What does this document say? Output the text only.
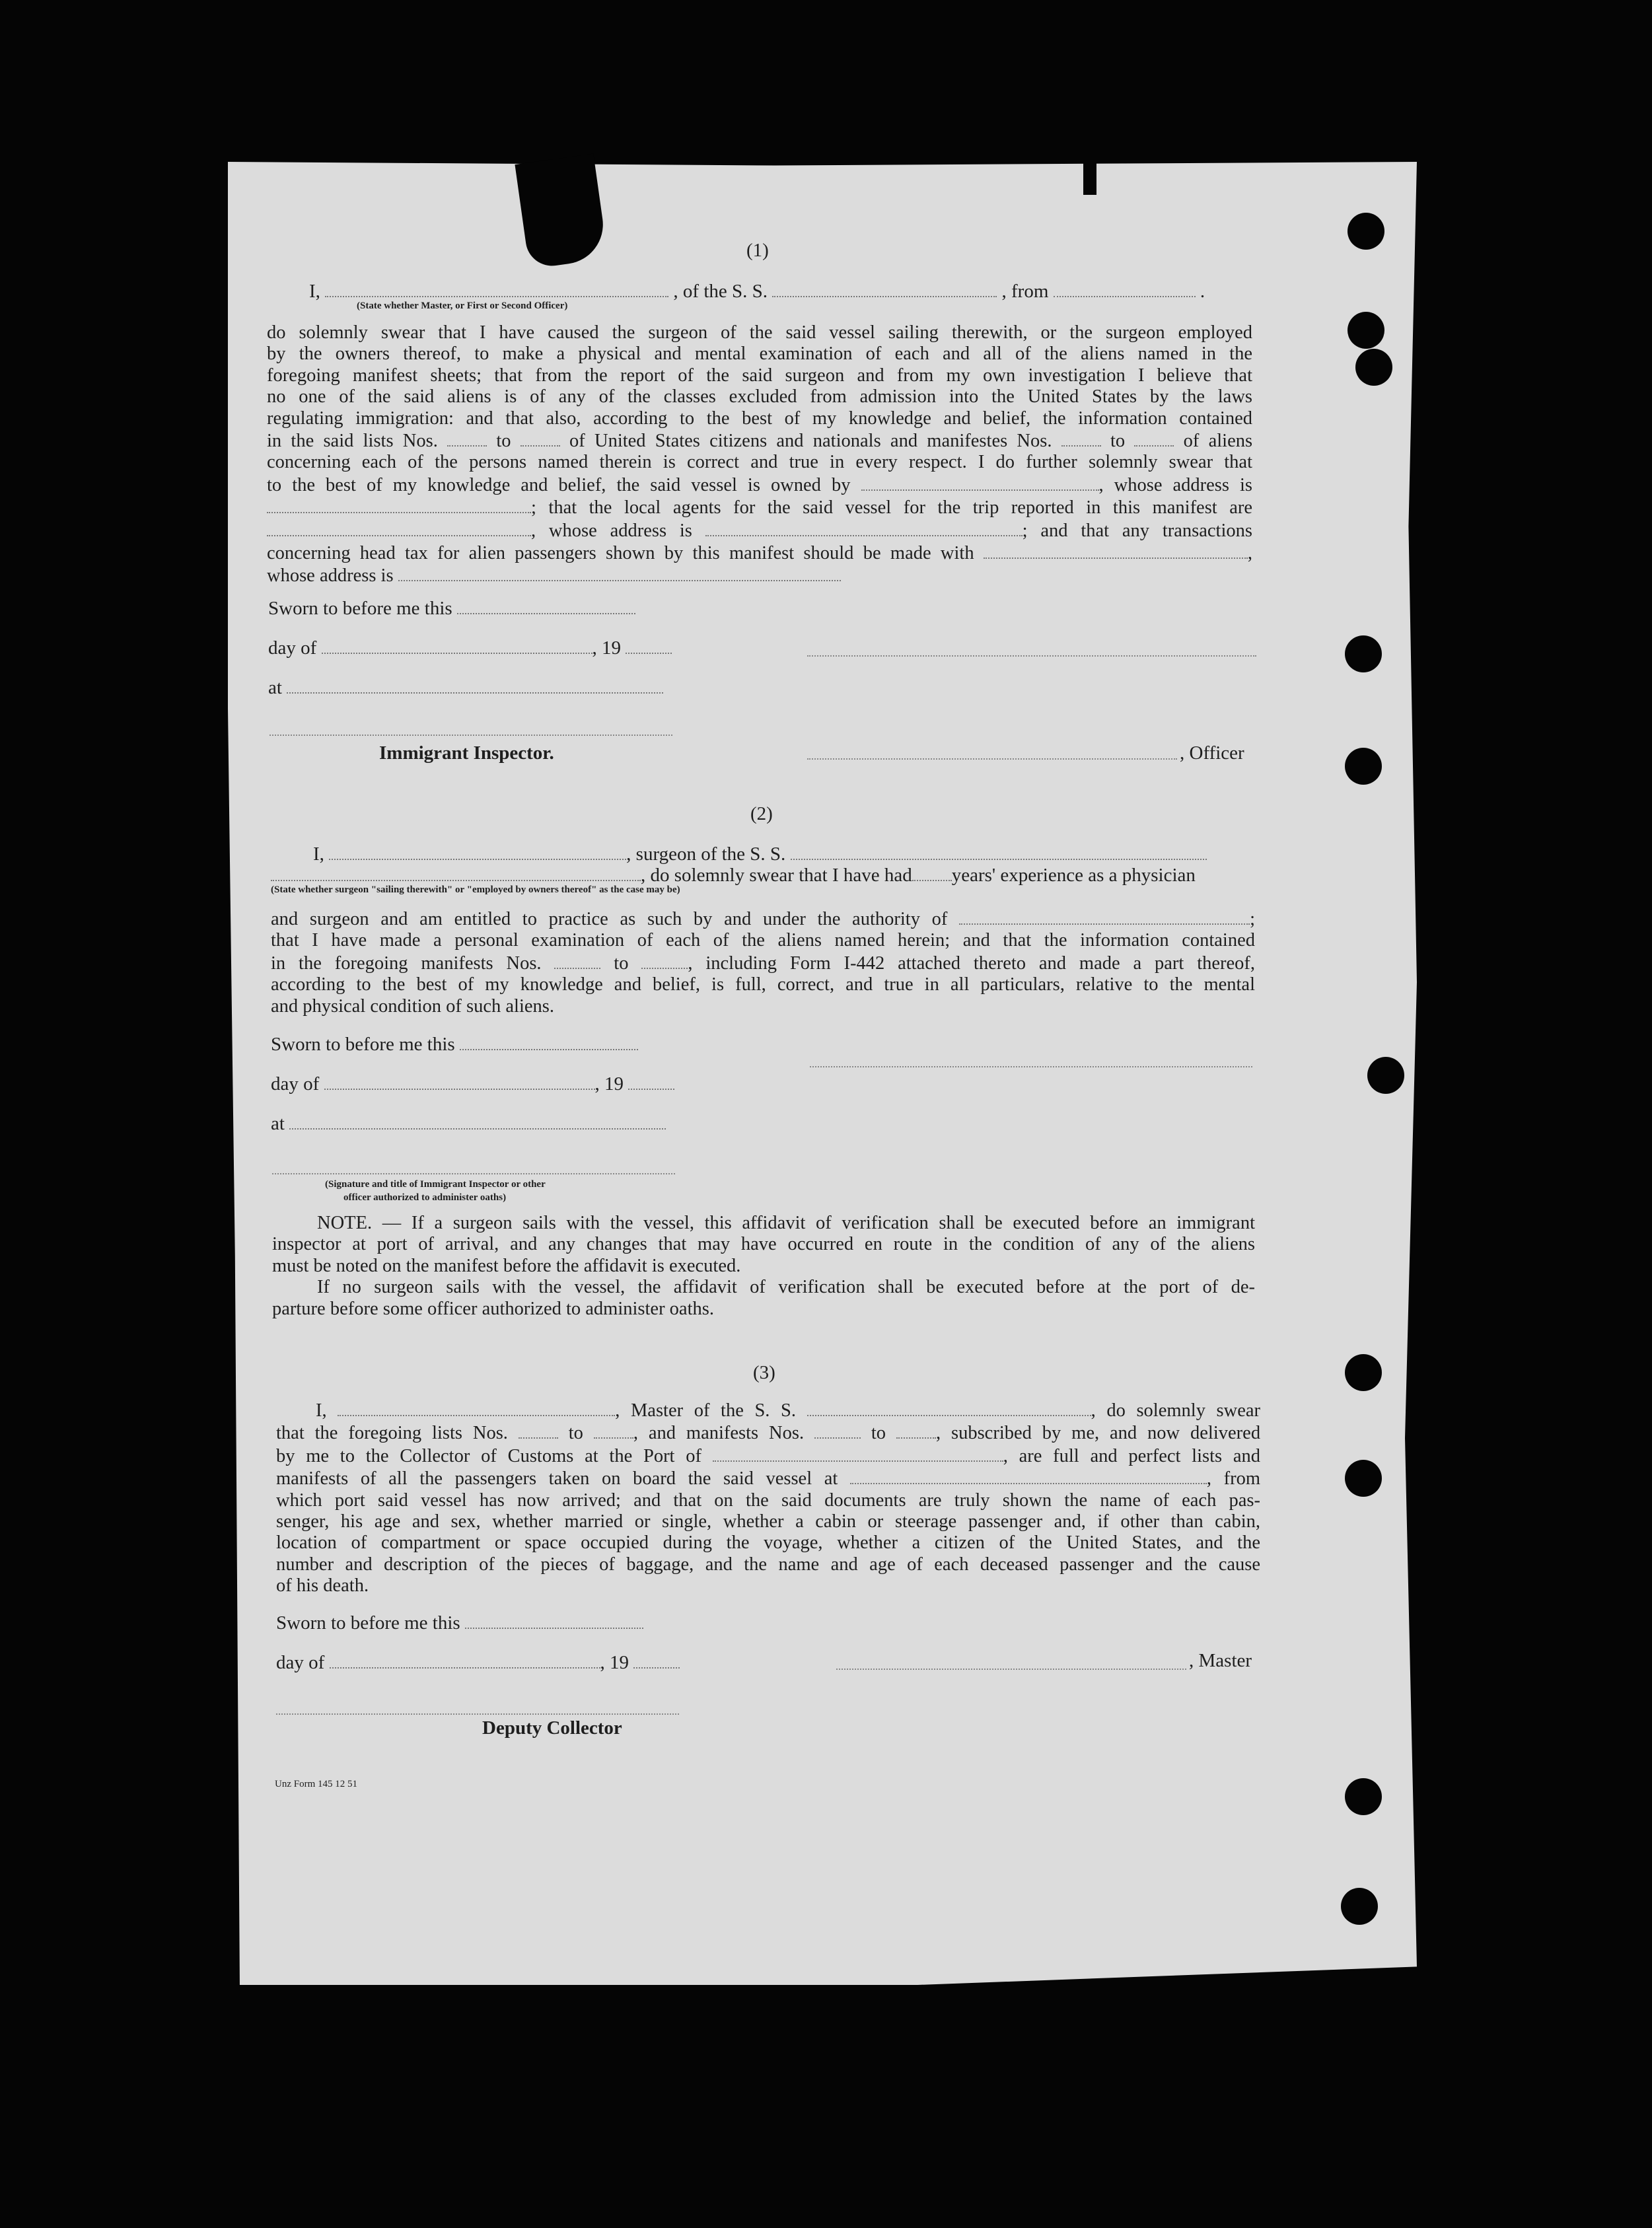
(1)
I,	, of the S. S.	, from	.
(State whether Master, or First or Second Officer)
do solemnly swear that I have caused the surgeon of the said vessel sailing therewith, or the surgeon employed
by the owners thereof, to make a physical and mental examination of each and all of the aliens named in the
foregoing manifest sheets; that from the report of the said surgeon and from my own investigation I believe that
no one of the said aliens is of any of the classes excluded from admission into the United States by the laws
regulating immigration: and that also, according to the best of my knowledge and belief, the information contained
in the said lists Nos.	to	of United States citizens and nationals and manifestes Nos.	to	of aliens
concerning each of the persons named therein is correct and true in every respect. I do further solemnly swear that
to the best of my knowledge and belief, the said vessel is owned by	, whose address is
; that the local agents for the said vessel for the trip reported in this manifest are
, whose address is	; and that any transactions
concerning head tax for alien passengers shown by this manifest should be made with	,
whose address is
Sworn to before me this
day of	, 19
at
Immigrant Inspector.	, Officer
(2)
I,	, surgeon of the S. S.
, do solemnly swear that I have had years' experience as a physician
(State whether surgeon "sailing therewith" or "employed by owners thereof" as the case may be)
and surgeon and am entitled to practice as such by and under the authority of	;
that I have made a personal examination of each of the aliens named herein; and that the information contained
in the foregoing manifests Nos.	to	, including Form I-442 attached thereto and made a part thereof,
according to the best of my knowledge and belief, is full, correct, and true in all particulars, relative to the mental
and physical condition of such aliens.
Sworn to before me this
day of	, 19
at
(Signature and title of Immigrant Inspector or other
officer authorized to administer oaths)
NOTE. — If a surgeon sails with the vessel, this affidavit of verification shall be executed before an immigrant
inspector at port of arrival, and any changes that may have occurred en route in the condition of any of the aliens
must be noted on the manifest before the affidavit is executed.
If no surgeon sails with the vessel, the affidavit of verification shall be executed before at the port of de-
parture before some officer authorized to administer oaths.
(3)
I,	, Master of the S. S.	, do solemnly swear
that the foregoing lists Nos.	to	, and manifests Nos.	to	, subscribed by me, and now delivered
by me to the Collector of Customs at the Port of	, are full and perfect lists and
manifests of all the passengers taken on board the said vessel at	, from
which port said vessel has now arrived; and that on the said documents are truly shown the name of each pas-
senger, his age and sex, whether married or single, whether a cabin or steerage passenger and, if other than cabin,
location of compartment or space occupied during the voyage, whether a citizen of the United States, and the
number and description of the pieces of baggage, and the name and age of each deceased passenger and the cause
of his death.
Sworn to before me this
day of	, 19	, Master
Deputy Collector
Unz Form 145 12 51
